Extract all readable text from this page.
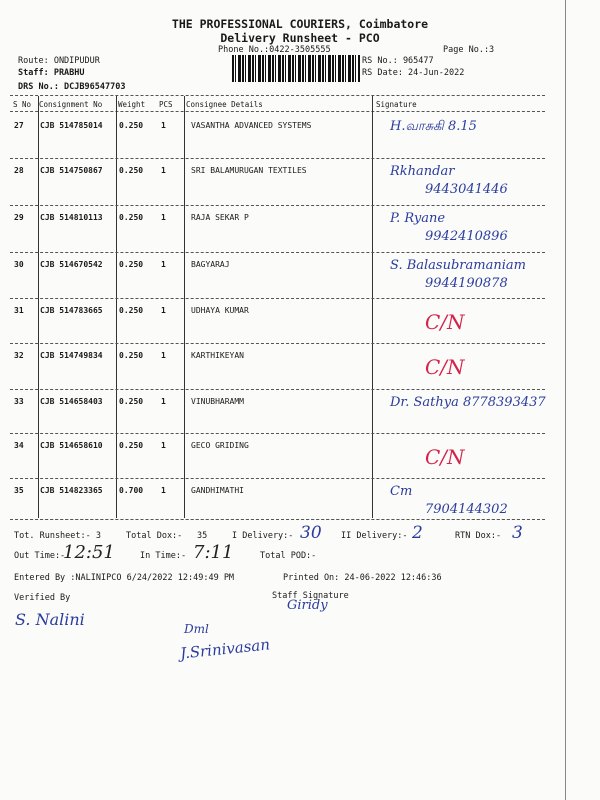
THE PROFESSIONAL COURIERS, Coimbatore
Delivery Runsheet - PCO
Phone No.:0422-3505555	Page No.:3
Route: ONDIPUDUR
Staff: PRABHU
DRS No.: DCJB96547703
RS No.: 965477
RS Date: 24-Jun-2022
S No Consignment No Weight PCS Consignee Details	Signature
27 CJB 514785014 0.250 1	VASANTHA ADVANCED SYSTEMS	H.வாசுகி 8.15
28 CJB 514750867 0.250 1	SRI BALAMURUGAN TEXTILES	Rkhandar
9443041446
29 CJB 514810113 0.250 1	RAJA SEKAR P	P. Ryane
9942410896
30 CJB 514670542 0.250 1	BAGYARAJ	S. Balasubramaniam
9944190878
31 CJB 514783665 0.250 1	UDHAYA KUMAR	C/N
32 CJB 514749834 0.250 1	KARTHIKEYAN	C/N
33 CJB 514658403 0.250 1	VINUBHARAMM	Dr. Sathya 8778393437
34 CJB 514658610 0.250 1	GECO GRIDING	C/N
35 CJB 514823365 0.700 1	GANDHIMATHI	Cm
7904144302
Tot. Runsheet:- 3	Total Dox:- 35	I Delivery:- 30 II Delivery:- 2	RTN Dox:- 3
Out Time:-
12:51	In Time:- 7:11	Total POD:-
Entered By :NALINIPCO 6/24/2022 12:49:49 PM	Printed On: 24-06-2022 12:46:36
Verified By	Staff Signature
S. Nalini
Giridy
Dml
J.Srinivasan
